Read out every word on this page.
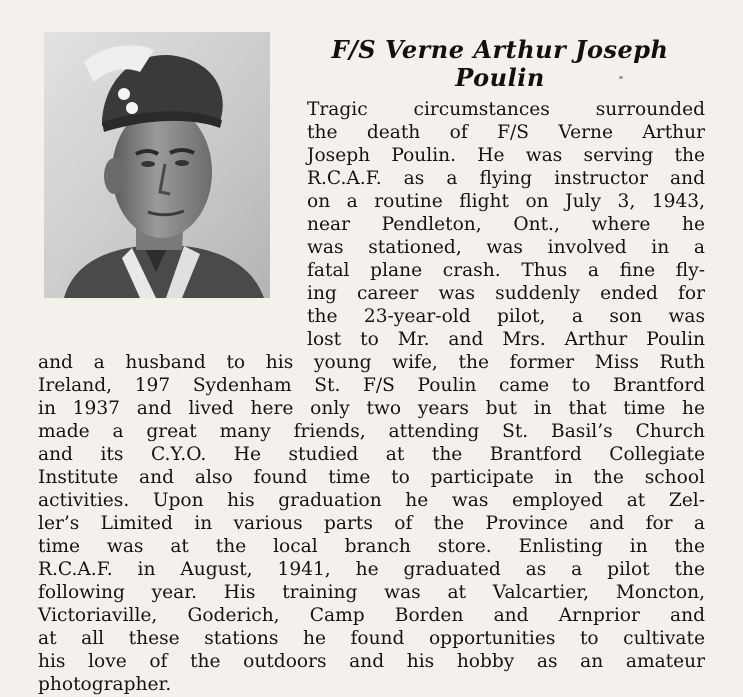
F/S Verne Arthur Joseph
Poulin
Tragic circumstances surrounded
the death of F/S Verne Arthur
Joseph Poulin. He was serving the
R.C.A.F. as a flying instructor and
on a routine flight on July 3, 1943,
near Pendleton, Ont., where he
was stationed, was involved in a
fatal plane crash. Thus a fine fly-
ing career was suddenly ended for
the 23-year-old pilot, a son was
lost to Mr. and Mrs. Arthur Poulin
and a husband to his young wife, the former Miss Ruth
Ireland, 197 Sydenham St. F/S Poulin came to Brantford
in 1937 and lived here only two years but in that time he
made a great many friends, attending St. Basil’s Church
and its C.Y.O. He studied at the Brantford Collegiate
Institute and also found time to participate in the school
activities. Upon his graduation he was employed at Zel-
ler’s Limited in various parts of the Province and for a
time was at the local branch store. Enlisting in the
R.C.A.F. in August, 1941, he graduated as a pilot the
following year. His training was at Valcartier, Moncton,
Victoriaville, Goderich, Camp Borden and Arnprior and
at all these stations he found opportunities to cultivate
his love of the outdoors and his hobby as an amateur
photographer.
